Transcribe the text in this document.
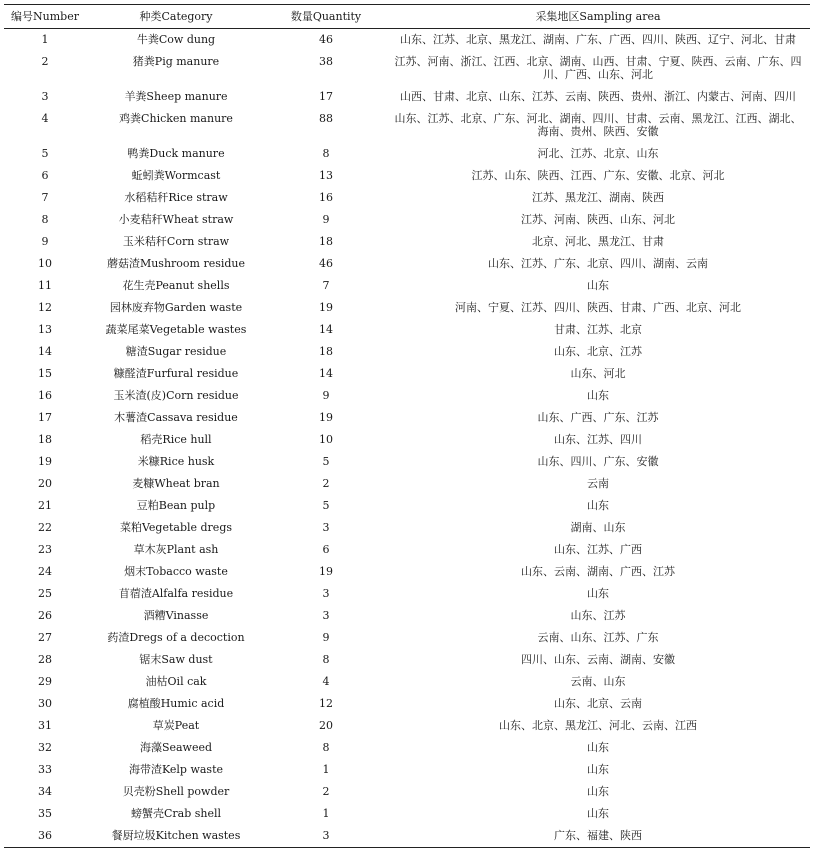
编号Number	种类Category	数量Quantity	采集地区Sampling area
1	牛粪Cow dung	46	山东、江苏、北京、黑龙江、湖南、广东、广西、四川、陕西、辽宁、河北、甘肃
2	猪粪Pig manure	38	江苏、河南、浙江、江西、北京、湖南、山西、甘肃、宁夏、陕西、云南、广东、四川、广西、山东、河北
3	羊粪Sheep manure	17	山西、甘肃、北京、山东、江苏、云南、陕西、贵州、浙江、内蒙古、河南、四川
4	鸡粪Chicken manure	88	山东、江苏、北京、广东、河北、湖南、四川、甘肃、云南、黑龙江、江西、湖北、海南、贵州、陕西、安徽
5	鸭粪Duck manure	8	河北、江苏、北京、山东
6	蚯蚓粪Wormcast	13	江苏、山东、陕西、江西、广东、安徽、北京、河北
7	水稻秸秆Rice straw	16	江苏、黑龙江、湖南、陕西
8	小麦秸秆Wheat straw	9	江苏、河南、陕西、山东、河北
9	玉米秸秆Corn straw	18	北京、河北、黑龙江、甘肃
10	蘑菇渣Mushroom residue	46	山东、江苏、广东、北京、四川、湖南、云南
11	花生壳Peanut shells	7	山东
12	园林废弃物Garden waste	19	河南、宁夏、江苏、四川、陕西、甘肃、广西、北京、河北
13	蔬菜尾菜Vegetable wastes	14	甘肃、江苏、北京
14	糖渣Sugar residue	18	山东、北京、江苏
15	糠醛渣Furfural residue	14	山东、河北
16	玉米渣(皮)Corn residue	9	山东
17	木薯渣Cassava residue	19	山东、广西、广东、江苏
18	稻壳Rice hull	10	山东、江苏、四川
19	米糠Rice husk	5	山东、四川、广东、安徽
20	麦糠Wheat bran	2	云南
21	豆粕Bean pulp	5	山东
22	菜粕Vegetable dregs	3	湖南、山东
23	草木灰Plant ash	6	山东、江苏、广西
24	烟末Tobacco waste	19	山东、云南、湖南、广西、江苏
25	苜蓿渣Alfalfa residue	3	山东
26	酒糟Vinasse	3	山东、江苏
27	药渣Dregs of a decoction	9	云南、山东、江苏、广东
28	锯末Saw dust	8	四川、山东、云南、湖南、安徽
29	油枯Oil cak	4	云南、山东
30	腐植酸Humic acid	12	山东、北京、云南
31	草炭Peat	20	山东、北京、黑龙江、河北、云南、江西
32	海藻Seaweed	8	山东
33	海带渣Kelp waste	1	山东
34	贝壳粉Shell powder	2	山东
35	螃蟹壳Crab shell	1	山东
36	餐厨垃圾Kitchen wastes	3	广东、福建、陕西
